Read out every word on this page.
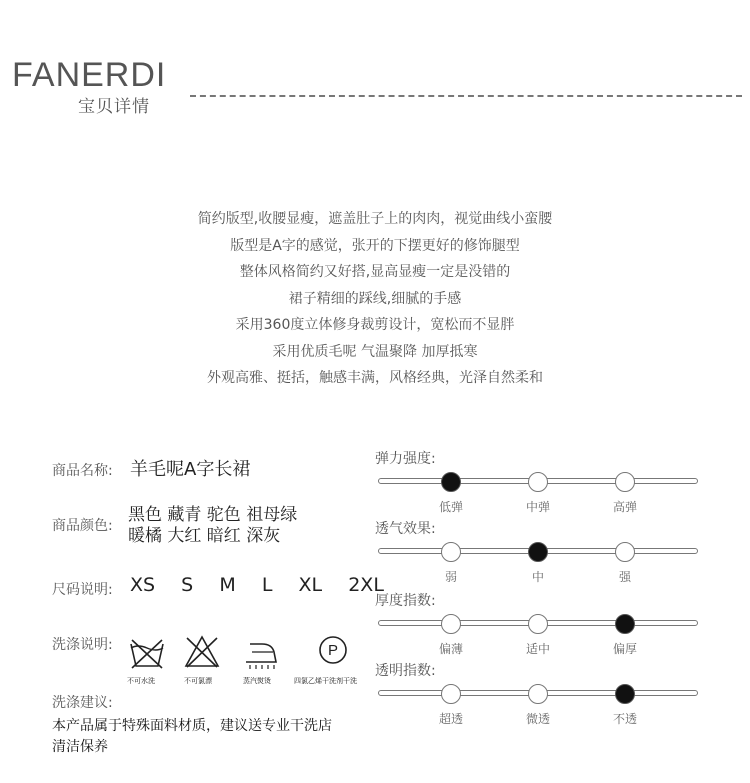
FANERDI
宝贝详情
简约版型,收腰显瘦，遮盖肚子上的肉肉，视觉曲线小蛮腰
版型是A字的感觉，张开的下摆更好的修饰腿型
整体风格简约又好搭,显高显瘦一定是没错的
裙子精细的踩线,细腻的手感
采用360度立体修身裁剪设计，宽松而不显胖
采用优质毛呢 气温聚降 加厚抵寒
外观高雅、挺括，触感丰满，风格经典，光泽自然柔和
商品名称: 羊毛呢A字长裙
商品颜色:
黑色 藏青 驼色 祖母绿
暖橘 大红 暗红 深灰
尺码说明: XS S M L XL 2XL
洗涤说明:	P
不可水洗	不可氯漂	蒸汽熨烫	四氯乙烯干洗剂干洗
洗涤建议:
本产品属于特殊面料材质，建议送专业干洗店
清洁保养
弹力强度:
低弹	中弹	高弹
透气效果:
弱	中	强
厚度指数:
偏薄	适中	偏厚
透明指数:
超透	微透	不透
